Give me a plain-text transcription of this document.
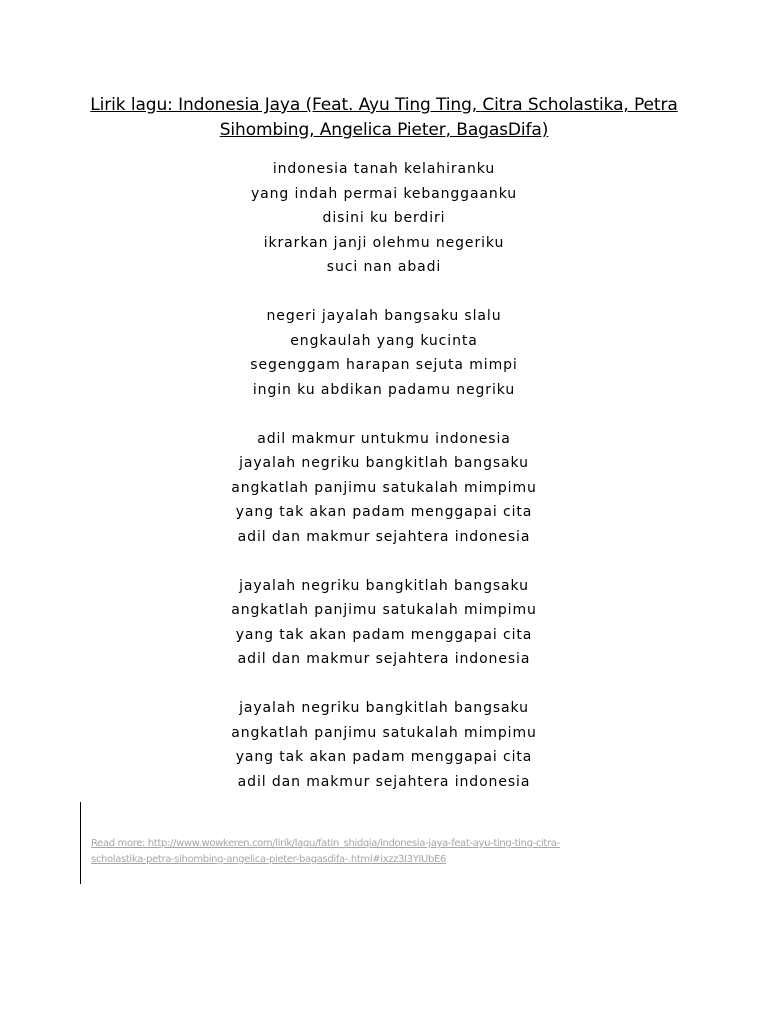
Lirik lagu: Indonesia Jaya (Feat. Ayu Ting Ting, Citra Scholastika, Petra Sihombing, Angelica Pieter, BagasDifa)
indonesia tanah kelahiranku
yang indah permai kebanggaanku
disini ku berdiri
ikrarkan janji olehmu negeriku
suci nan abadi
negeri jayalah bangsaku slalu
engkaulah yang kucinta
segenggam harapan sejuta mimpi
ingin ku abdikan padamu negriku
adil makmur untukmu indonesia
jayalah negriku bangkitlah bangsaku
angkatlah panjimu satukalah mimpimu
yang tak akan padam menggapai cita
adil dan makmur sejahtera indonesia
jayalah negriku bangkitlah bangsaku
angkatlah panjimu satukalah mimpimu
yang tak akan padam menggapai cita
adil dan makmur sejahtera indonesia
jayalah negriku bangkitlah bangsaku
angkatlah panjimu satukalah mimpimu
yang tak akan padam menggapai cita
adil dan makmur sejahtera indonesia
Read more: http://www.wowkeren.com/lirik/lagu/fatin_shidqia/indonesia-jaya-feat-ayu-ting-ting-citra-
scholastika-petra-sihombing-angelica-pieter-bagasdifa-.html#ixzz3I3YIUbE6
